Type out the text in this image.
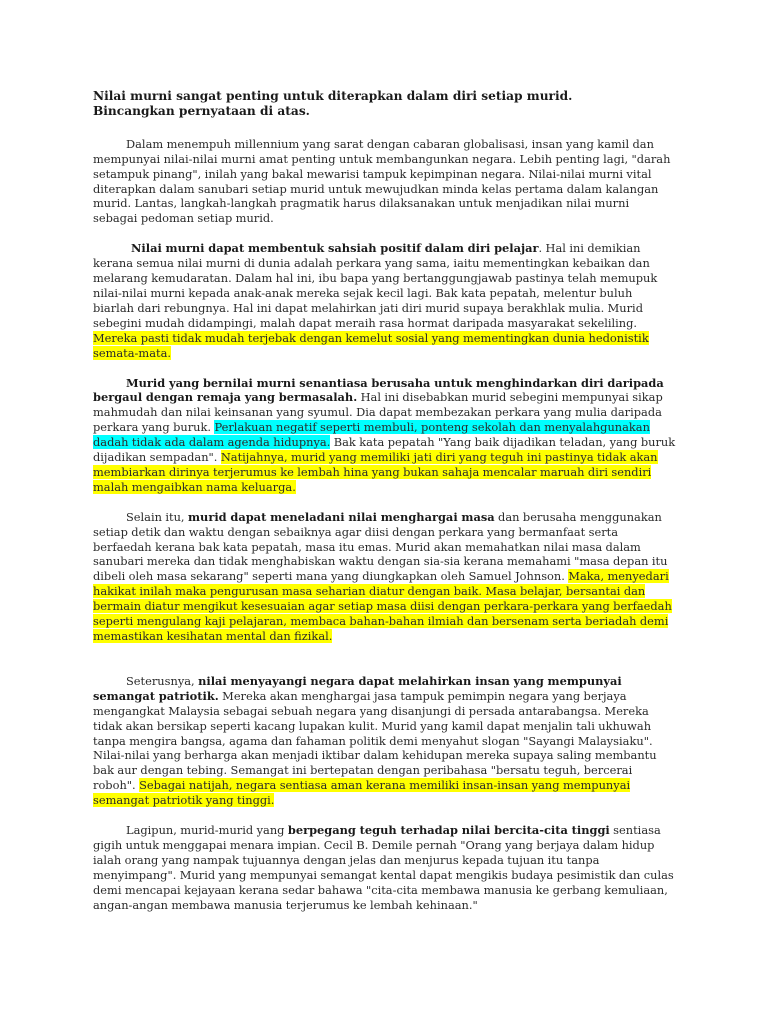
Nilai murni sangat penting untuk diterapkan dalam diri setiap murid.
Bincangkan pernyataan di atas.

Dalam menempuh millennium yang sarat dengan cabaran globalisasi, insan yang kamil dan mempunyai nilai-nilai murni amat penting untuk membangunkan negara. Lebih penting lagi, "darah setampuk pinang", inilah yang bakal mewarisi tampuk kepimpinan negara. Nilai-nilai murni vital diterapkan dalam sanubari setiap murid untuk mewujudkan minda kelas pertama dalam kalangan murid. Lantas, langkah-langkah pragmatik harus dilaksanakan untuk menjadikan nilai murni sebagai pedoman setiap murid.

Nilai murni dapat membentuk sahsiah positif dalam diri pelajar. Hal ini demikian kerana semua nilai murni di dunia adalah perkara yang sama, iaitu mementingkan kebaikan dan melarang kemudaratan. Dalam hal ini, ibu bapa yang bertanggungjawab pastinya telah memupuk nilai-nilai murni kepada anak-anak mereka sejak kecil lagi. Bak kata pepatah, melentur buluh biarlah dari rebungnya. Hal ini dapat melahirkan jati diri murid supaya berakhlak mulia. Murid sebegini mudah didampingi, malah dapat meraih rasa hormat daripada masyarakat sekeliling. Mereka pasti tidak mudah terjebak dengan kemelut sosial yang mementingkan dunia hedonistik semata-mata.

Murid yang bernilai murni senantiasa berusaha untuk menghindarkan diri daripada bergaul dengan remaja yang bermasalah. Hal ini disebabkan murid sebegini mempunyai sikap mahmudah dan nilai keinsanan yang syumul. Dia dapat membezakan perkara yang mulia daripada perkara yang buruk. Perlakuan negatif seperti membuli, ponteng sekolah dan menyalahgunakan dadah tidak ada dalam agenda hidupnya. Bak kata pepatah "Yang baik dijadikan teladan, yang buruk dijadikan sempadan". Natijahnya, murid yang memiliki jati diri yang teguh ini pastinya tidak akan membiarkan dirinya terjerumus ke lembah hina yang bukan sahaja mencalar maruah diri sendiri malah mengaibkan nama keluarga.

Selain itu, murid dapat meneladani nilai menghargai masa dan berusaha menggunakan setiap detik dan waktu dengan sebaiknya agar diisi dengan perkara yang bermanfaat serta berfaedah kerana bak kata pepatah, masa itu emas. Murid akan memahatkan nilai masa dalam sanubari mereka dan tidak menghabiskan waktu dengan sia-sia kerana memahami "masa depan itu dibeli oleh masa sekarang" seperti mana yang diungkapkan oleh Samuel Johnson. Maka, menyedari hakikat inilah maka pengurusan masa seharian diatur dengan baik. Masa belajar, bersantai dan bermain diatur mengikut kesesuaian agar setiap masa diisi dengan perkara-perkara yang berfaedah seperti mengulang kaji pelajaran, membaca bahan-bahan ilmiah dan bersenam serta beriadah demi memastikan kesihatan mental dan fizikal.

Seterusnya, nilai menyayangi negara dapat melahirkan insan yang mempunyai semangat patriotik. Mereka akan menghargai jasa tampuk pemimpin negara yang berjaya mengangkat Malaysia sebagai sebuah negara yang disanjungi di persada antarabangsa. Mereka tidak akan bersikap seperti kacang lupakan kulit. Murid yang kamil dapat menjalin tali ukhuwah tanpa mengira bangsa, agama dan fahaman politik demi menyahut slogan "Sayangi Malaysiaku". Nilai-nilai yang berharga akan menjadi iktibar dalam kehidupan mereka supaya saling membantu bak aur dengan tebing. Semangat ini bertepatan dengan peribahasa "bersatu teguh, bercerai roboh". Sebagai natijah, negara sentiasa aman kerana memiliki insan-insan yang mempunyai semangat patriotik yang tinggi.

Lagipun, murid-murid yang berpegang teguh terhadap nilai bercita-cita tinggi sentiasa gigih untuk menggapai menara impian. Cecil B. Demile pernah "Orang yang berjaya dalam hidup ialah orang yang nampak tujuannya dengan jelas dan menjurus kepada tujuan itu tanpa menyimpang". Murid yang mempunyai semangat kental dapat mengikis budaya pesimistik dan culas demi mencapai kejayaan kerana sedar bahawa "cita-cita membawa manusia ke gerbang kemuliaan, angan-angan membawa manusia terjerumus ke lembah kehinaan."
